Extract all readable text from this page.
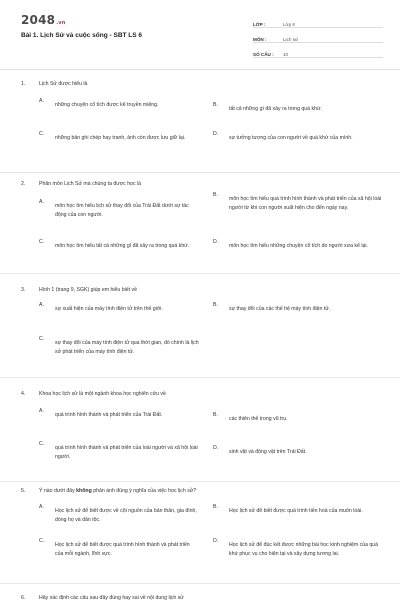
2048.vn
Bài 1. Lịch Sử và cuộc sống - SBT LS 6
LỚP :	Lớp 6
MÔN :	Lịch sử
SỐ CÂU :	10
1.	Lịch Sử được hiểu là
A.
những chuyện cổ tích được kể truyền miệng.	B.
tất cả những gì đã xảy ra trong quá khứ.
C.
những bản ghi chép hay tranh, ảnh còn được lưu giữ lại.
D.
sự tưởng tượng của con người về quá khứ của mình.
2.	Phân môn Lịch Sử mà chúng ta được học là
A.
môn học tìm hiểu lịch sử thay đổi của Trái Đất dưới sự tác động của con người.
B.
môn học tìm hiểu quá trình hình thành và phát triển của xã hội loài người từ khi con người xuất hiện cho đến ngày nay.
C.
môn học tìm hiểu tất cả những gì đã xảy ra trong quá khứ.
D.
môn học tìm hiểu những chuyện cổ tích do người xưa kể lại.
3.	Hình 1 (trang 9, SGK) giúp em hiểu biết về
A.
sự xuất hiện của máy tính điện tử trên thế giới.
B.
sự thay đổi của các thế hệ máy tính điện tử.
C.
sự thay đổi của máy tính điện tử qua thời gian, đó chính là lịch sử phát triển của máy tính điện tử.
4.	Khoa học lịch sử là một ngành khoa học nghiên cứu về
A.
quá trình hình thành và phát triển của Trái Đất.	B.
các thiên thể trong vũ trụ.
C.
quá trình hình thành và phát triển của loài người và xã hội loài người.
D.
sinh vật và động vật trên Trái Đất.
5.	Ý nào dưới đây không phản ánh đúng ý nghĩa của việc học lịch sử?
A.
Học lịch sử để biết được về cội nguồn của bản thân, gia đình, dòng họ và dân tộc.
B.
Học lịch sử để biết được quá trình tiến hoá của muôn loài.
C.
Học lịch sử để biết được quá trình hình thành và phát triển của mỗi ngành, lĩnh vực.
D.
Học lịch sử để đúc kết được những bài học kinh nghiệm của quá khứ phục vụ cho hiện tại và xây dựng tương lai.
6.	Hãy xác định các câu sau đây đúng hay sai về nội dung lịch sử
